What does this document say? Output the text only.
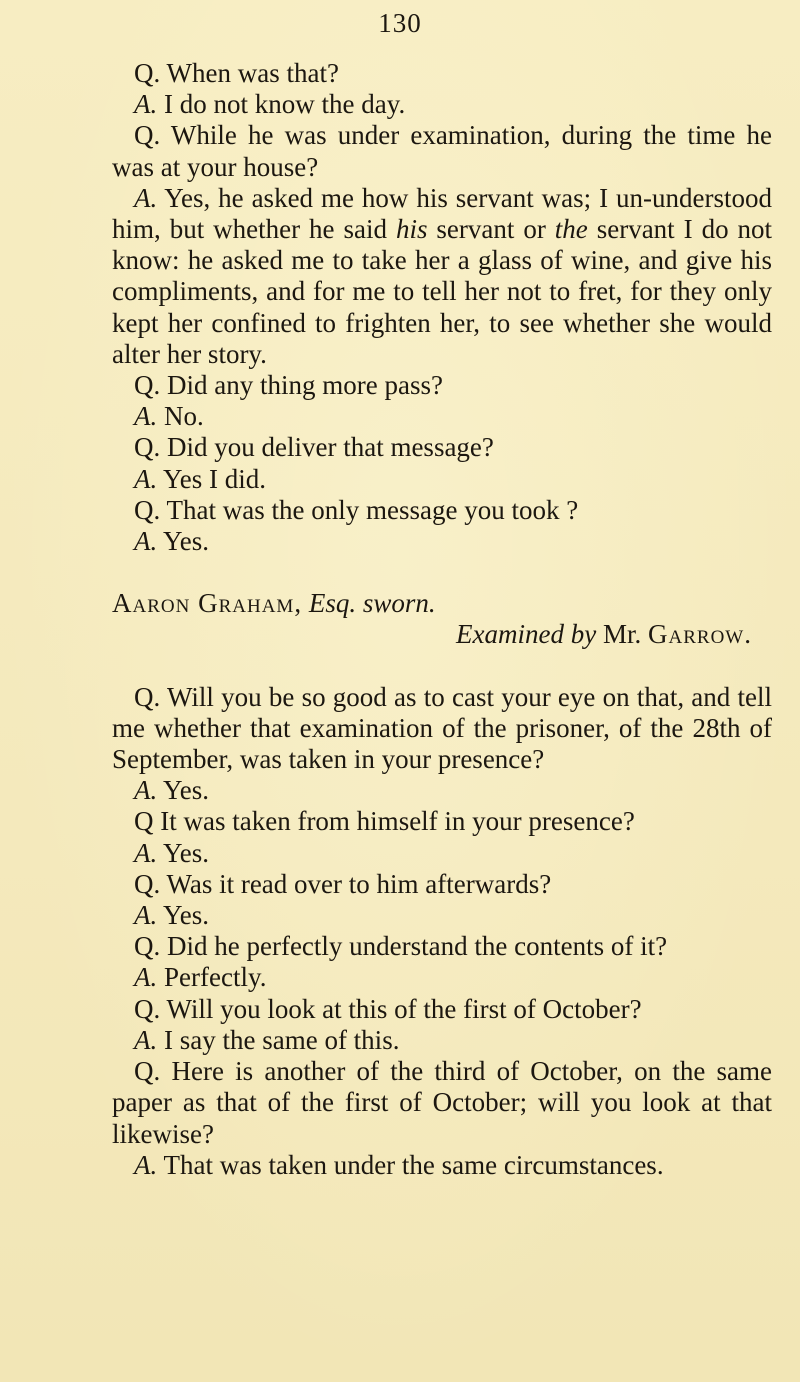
130

Q. When was that?

A. I do not know the day.

Q. While he was under examination, during the time he was at your house?

A. Yes, he asked me how his servant was; I un-understood him, but whether he said his servant or the servant I do not know: he asked me to take her a glass of wine, and give his compliments, and for me to tell her not to fret, for they only kept her confined to frighten her, to see whether she would alter her story.

Q. Did any thing more pass?

A. No.

Q. Did you deliver that message?

A. Yes I did.

Q. That was the only message you took ?

A. Yes.

Aaron Graham, Esq. sworn.

Examined by Mr. Garrow.

Q. Will you be so good as to cast your eye on that, and tell me whether that examination of the prisoner, of the 28th of September, was taken in your presence?

A. Yes.

Q It was taken from himself in your presence?

A. Yes.

Q. Was it read over to him afterwards?

A. Yes.

Q. Did he perfectly understand the contents of it?

A. Perfectly.

Q. Will you look at this of the first of October?

A. I say the same of this.

Q. Here is another of the third of October, on the same paper as that of the first of October; will you look at that likewise?

A. That was taken under the same circumstances.
